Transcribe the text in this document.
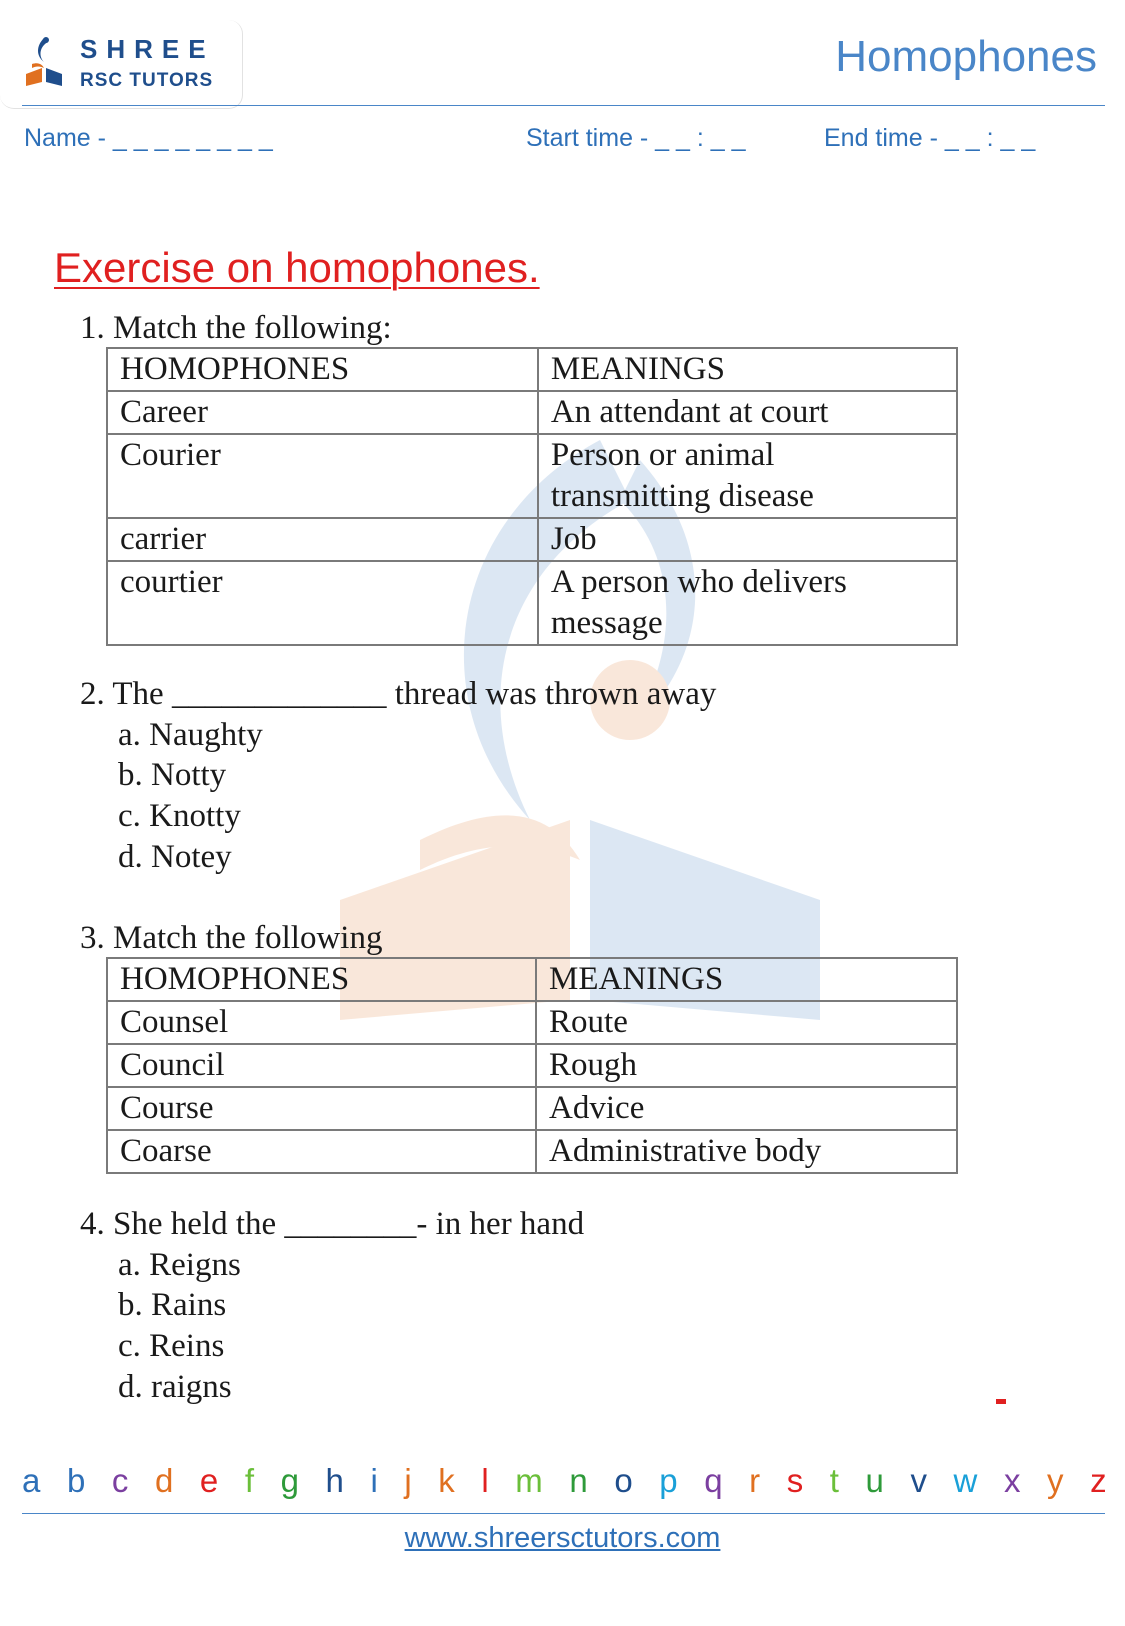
SHREE
RSC TUTORS	Homophones
Name - _ _ _ _ _ _ _ _	Start time - _ _ : _ _	End time - _ _ : _ _
Exercise on homophones.
1. Match the following:
HOMOPHONES	MEANINGS
Career	An attendant at court
Courier	Person or animal transmitting disease
carrier	Job
courtier	A person who delivers message
2. The _____________ thread was thrown away
a. Naughty
b. Notty
c. Knotty
d. Notey
3. Match the following
HOMOPHONES	MEANINGS
Counsel	Route
Council	Rough
Course	Advice
Coarse	Administrative body
4. She held the ________- in her hand
a. Reigns
b. Rains
c. Reins
d. raigns
a b c d e f g h i j k l m n o p q r s t u v w x y z
www.shreersctutors.com
